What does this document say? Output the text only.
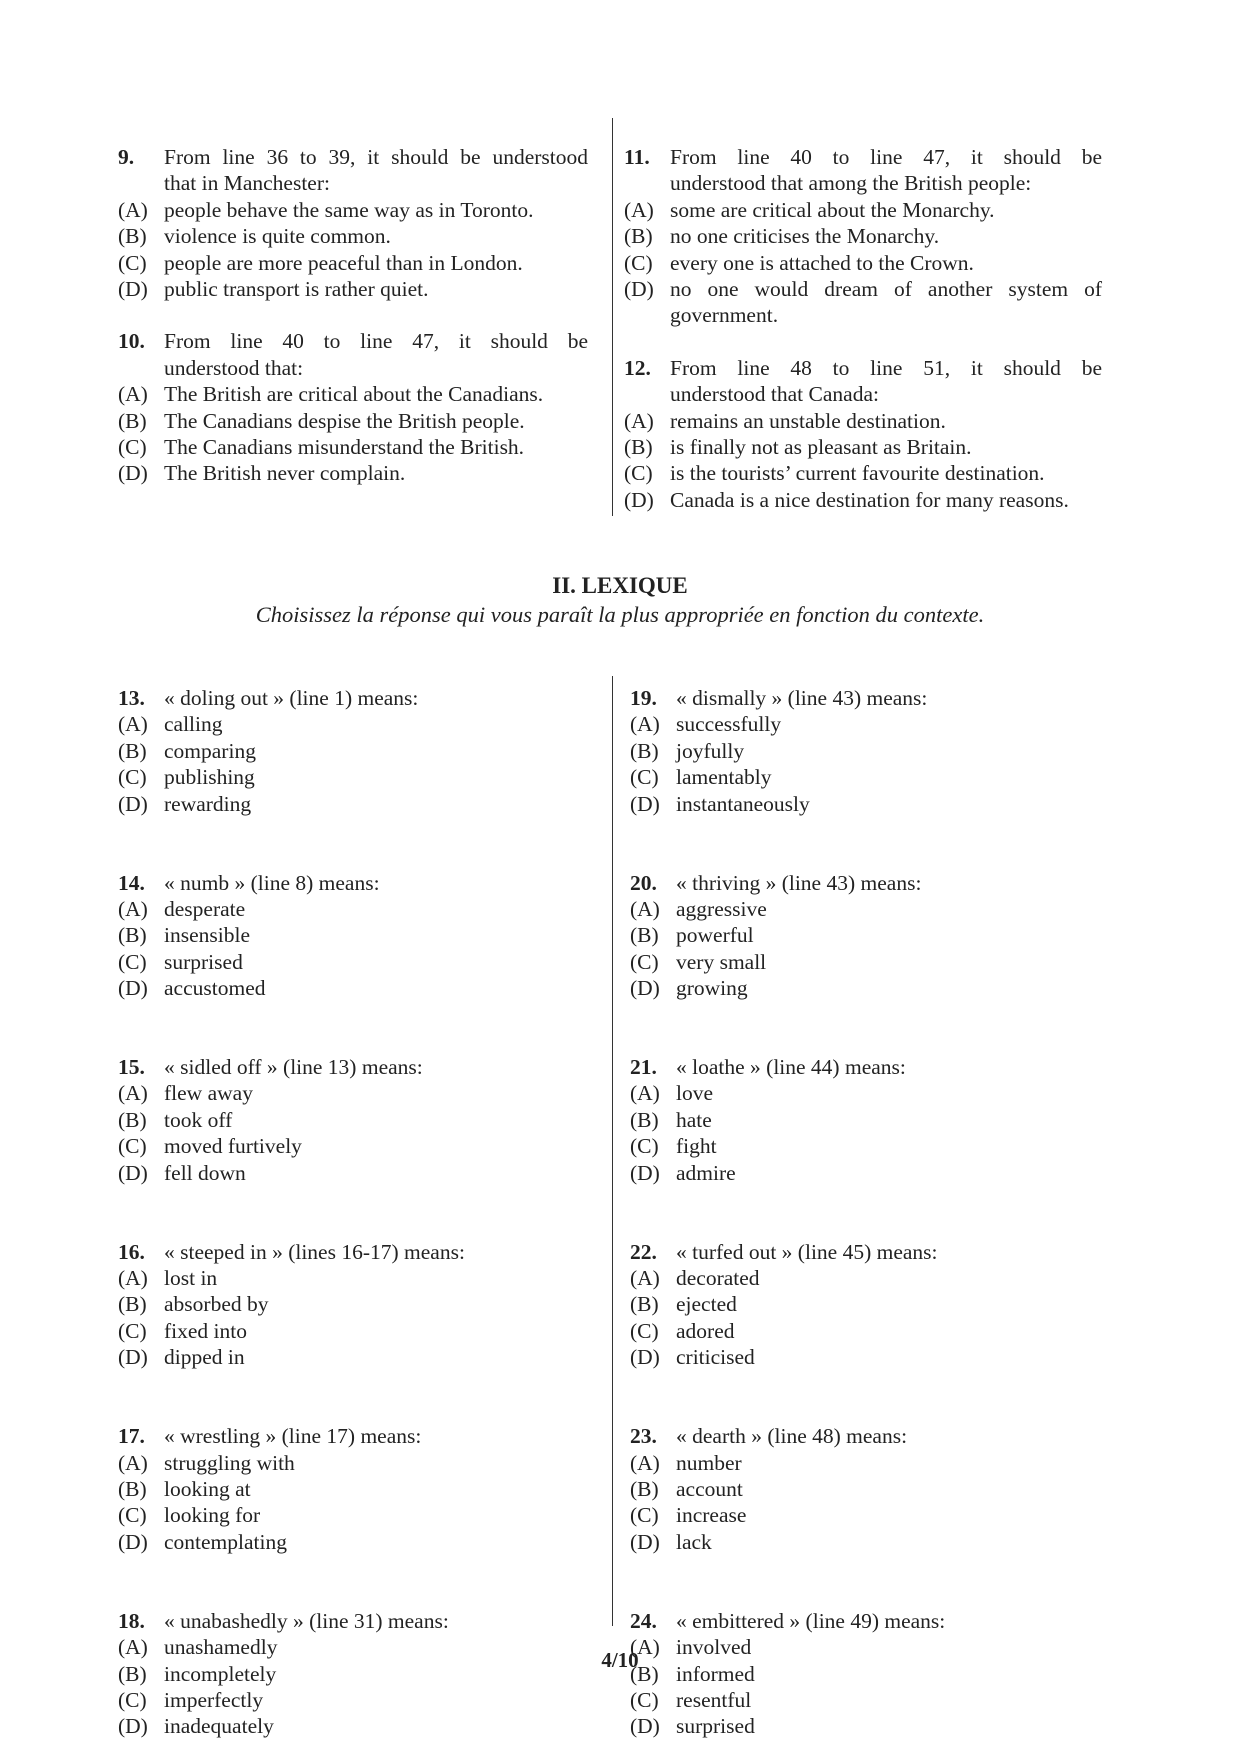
9. From line 36 to 39, it should be understood
that in Manchester:
(A) people behave the same way as in Toronto.
(B) violence is quite common.
(C) people are more peaceful than in London.
(D) public transport is rather quiet.
10. From line 40 to line 47, it should be
understood that:
(A) The British are critical about the Canadians.
(B) The Canadians despise the British people.
(C) The Canadians misunderstand the British.
(D) The British never complain.
11. From line 40 to line 47, it should be
understood that among the British people:
(A) some are critical about the Monarchy.
(B) no one criticises the Monarchy.
(C) every one is attached to the Crown.
(D) no one would dream of another system of
government.
12. From line 48 to line 51, it should be
understood that Canada:
(A) remains an unstable destination.
(B) is finally not as pleasant as Britain.
(C) is the tourists’ current favourite destination.
(D) Canada is a nice destination for many reasons.
II. LEXIQUE
Choisissez la réponse qui vous paraît la plus appropriée en fonction du contexte.
13. « doling out » (line 1) means:
(A) calling
(B) comparing
(C) publishing
(D) rewarding
14. « numb » (line 8) means:
(A) desperate
(B) insensible
(C) surprised
(D) accustomed
15. « sidled off » (line 13) means:
(A) flew away
(B) took off
(C) moved furtively
(D) fell down
16. « steeped in » (lines 16-17) means:
(A) lost in
(B) absorbed by
(C) fixed into
(D) dipped in
17. « wrestling » (line 17) means:
(A) struggling with
(B) looking at
(C) looking for
(D) contemplating
18. « unabashedly » (line 31) means:
(A) unashamedly
(B) incompletely
(C) imperfectly
(D) inadequately
19. « dismally » (line 43) means:
(A) successfully
(B) joyfully
(C) lamentably
(D) instantaneously
20. « thriving » (line 43) means:
(A) aggressive
(B) powerful
(C) very small
(D) growing
21. « loathe » (line 44) means:
(A) love
(B) hate
(C) fight
(D) admire
22. « turfed out » (line 45) means:
(A) decorated
(B) ejected
(C) adored
(D) criticised
23. « dearth » (line 48) means:
(A) number
(B) account
(C) increase
(D) lack
24. « embittered » (line 49) means:
(A) involved
(B) informed
(C) resentful
(D) surprised
4/10
